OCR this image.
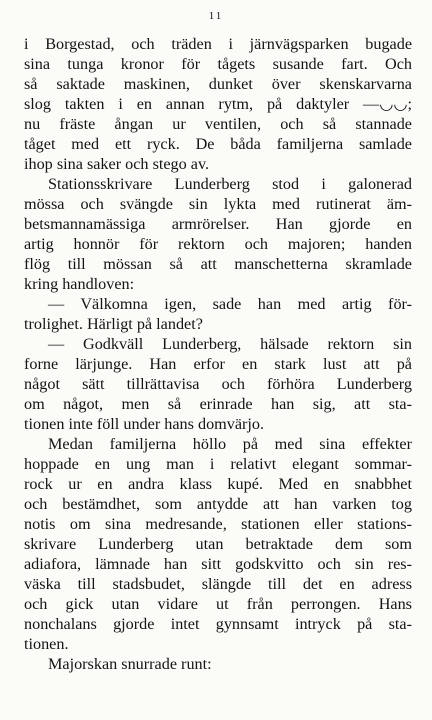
11
i Borgestad, och träden i järnvägsparken bugade
sina tunga kronor för tågets susande fart. Och
så saktade maskinen, dunket över skenskarvarna
slog takten i en annan rytm, på daktyler —◡◡;
nu fräste ångan ur ventilen, och så stannade
tåget med ett ryck. De båda familjerna samlade
ihop sina saker och stego av.
Stationsskrivare Lunderberg stod i galonerad
mössa och svängde sin lykta med rutinerat äm-
betsmannamässiga armrörelser. Han gjorde en
artig honnör för rektorn och majoren; handen
flög till mössan så att manschetterna skramlade
kring handloven:
— Välkomna igen, sade han med artig för-
trolighet. Härligt på landet?
— Godkväll Lunderberg, hälsade rektorn sin
forne lärjunge. Han erfor en stark lust att på
något sätt tillrättavisa och förhöra Lunderberg
om något, men så erinrade han sig, att sta-
tionen inte föll under hans domvärjo.
Medan familjerna höllo på med sina effekter
hoppade en ung man i relativt elegant sommar-
rock ur en andra klass kupé. Med en snabbhet
och bestämdhet, som antydde att han varken tog
notis om sina medresande, stationen eller stations-
skrivare Lunderberg utan betraktade dem som
adiafora, lämnade han sitt godskvitto och sin res-
väska till stadsbudet, slängde till det en adress
och gick utan vidare ut från perrongen. Hans
nonchalans gjorde intet gynnsamt intryck på sta-
tionen.
Majorskan snurrade runt:
